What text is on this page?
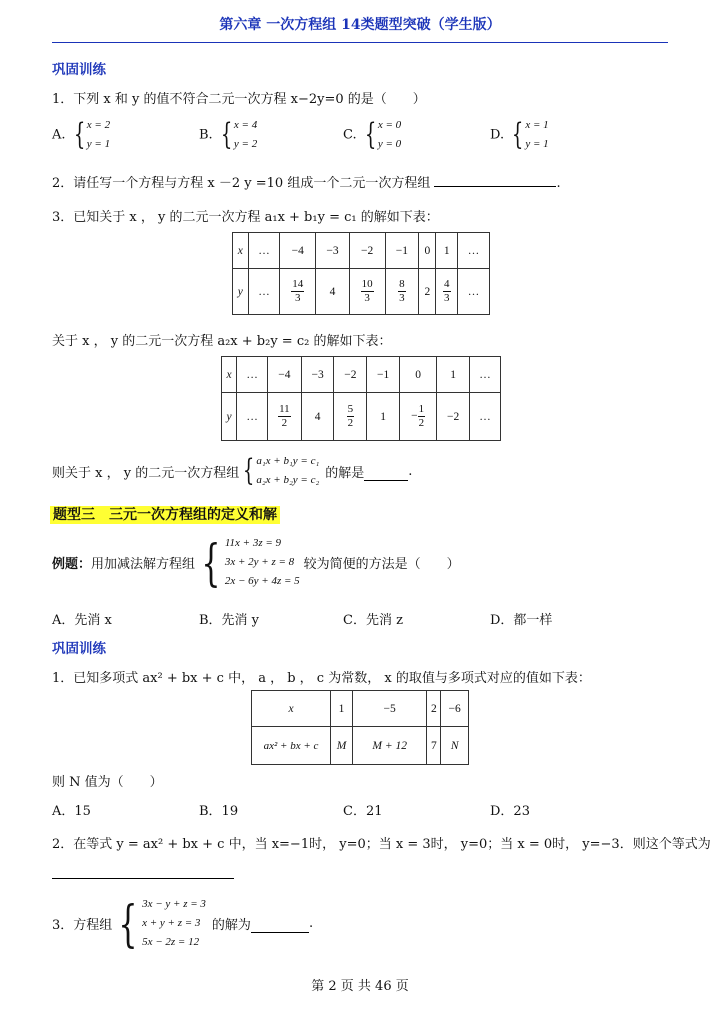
第六章 一次方程组 14类题型突破（学生版）
巩固训练
1．下列 x 和 y 的值不符合二元一次方程 x−2y=0 的是（　　）
A. { x = 2
y = 1
B. { x = 4
y = 2
C. { x = 0
y = 0
D. { x = 1
y = 1
2．请任写一个方程与方程 x －2 y =10 组成一个二元一次方程组	.
3．已知关于 x ， y 的二元一次方程 a₁x + b₁y = c₁ 的解如下表：
x	…	−4	−3	−2	−1	0	1	…
y	…	$\frac{14}{3}$	4	$\frac{10}{3}$	$\frac{8}{3}$	2	$\frac{4}{3}$	…
关于 x ， y 的二元一次方程 a₂x + b₂y = c₂ 的解如下表：
x	…	−4	−3	−2	−1	0	1	…
y	…	$\frac{11}{2}$	4	$\frac{5}{2}$	1	− $\frac{1}{2}$	−2	…
则关于 x ， y 的二元一次方程组 { a₁x + b₁y = c₁
a₂x + b₂y = c₂ 的解是	.
题型三　三元一次方程组的定义和解
例题： 用加减法解方程组 { 11x + 3z = 9
3x + 2y + z = 8
2x − 6y + 4z = 5
较为简便的方法是（　　）
A．先消 x	B．先消 y	C．先消 z	D．都一样
巩固训练
1．已知多项式 ax² + bx + c 中， a ， b ， c 为常数， x 的取值与多项式对应的值如下表：
x	1	−5	2	−6
ax² + bx + c	M	M + 12	7	N
则 N 值为（　　）
A．15	B．19	C．21	D．23
2．在等式 y = ax² + bx + c 中，当 x=−1时， y=0；当 x = 3时， y=0；当 x = 0时， y=−3．则这个等式为
3．方程组 { 3x − y + z = 3
x + y + z = 3
5x − 2z = 12
的解为	.
第 2 页 共 46 页
